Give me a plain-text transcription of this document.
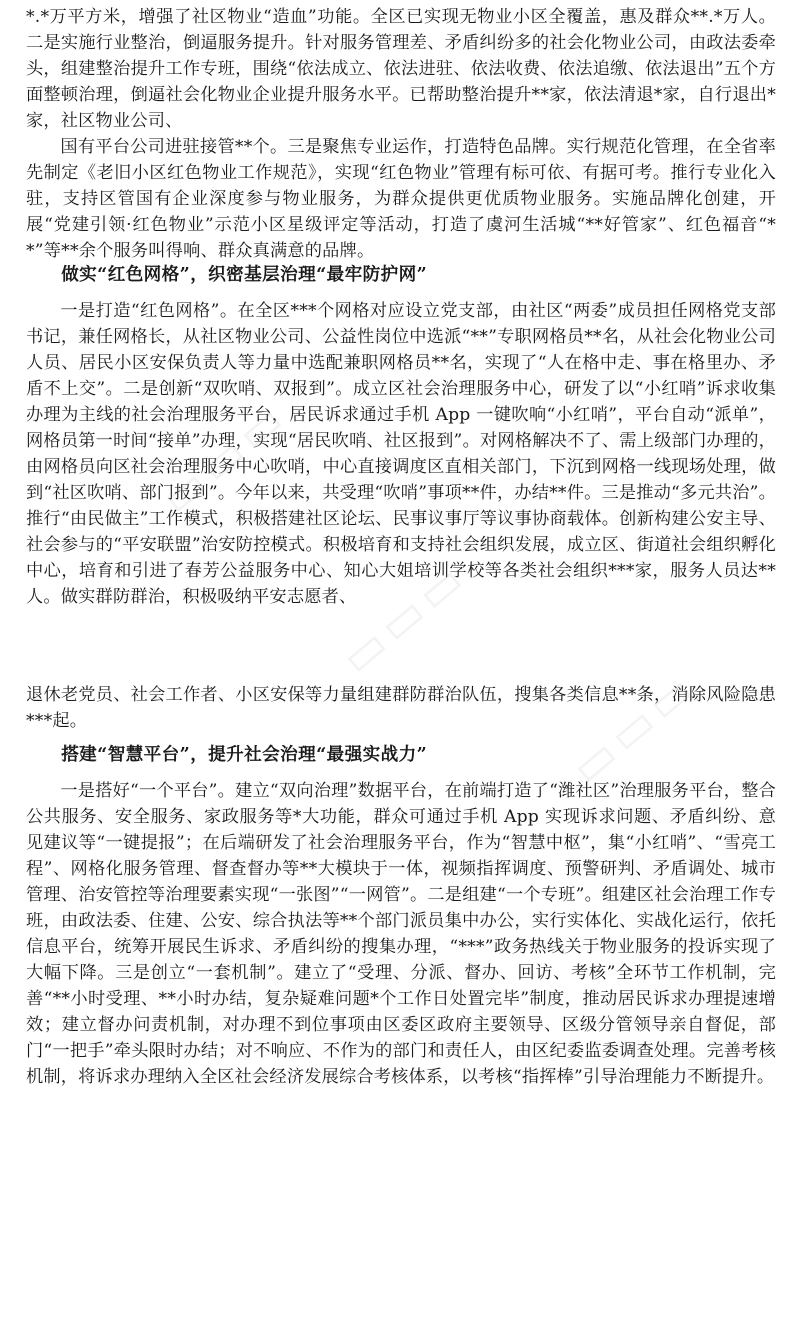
*.*万平方米，增强了社区物业“造血”功能。全区已实现无物业小区全覆盖，惠及群众**.*万人。二是实施行业整治，倒逼服务提升。针对服务管理差、矛盾纠纷多的社会化物业公司，由政法委牵头，组建整治提升工作专班，围绕“依法成立、依法进驻、依法收费、依法追缴、依法退出”五个方面整顿治理，倒逼社会化物业企业提升服务水平。已帮助整治提升**家，依法清退*家，自行退出*家，社区物业公司、

国有平台公司进驻接管**个。三是聚焦专业运作，打造特色品牌。实行规范化管理，在全省率先制定《老旧小区红色物业工作规范》，实现“红色物业”管理有标可依、有据可考。推行专业化入驻，支持区管国有企业深度参与物业服务，为群众提供更优质物业服务。实施品牌化创建，开展“党建引领·红色物业”示范小区星级评定等活动，打造了虞河生活城“**好管家”、红色福音“**”等**余个服务叫得响、群众真满意的品牌。

做实“红色网格”，织密基层治理“最牢防护网”

一是打造“红色网格”。在全区***个网格对应设立党支部，由社区“两委”成员担任网格党支部书记，兼任网格长，从社区物业公司、公益性岗位中选派“**”专职网格员**名，从社会化物业公司人员、居民小区安保负责人等力量中选配兼职网格员**名，实现了“人在格中走、事在格里办、矛盾不上交”。二是创新“双吹哨、双报到”。成立区社会治理服务中心，研发了以“小红哨”诉求收集办理为主线的社会治理服务平台，居民诉求通过手机 App 一键吹响“小红哨”，平台自动“派单”，网格员第一时间“接单”办理，实现“居民吹哨、社区报到”。对网格解决不了、需上级部门办理的，由网格员向区社会治理服务中心吹哨，中心直接调度区直相关部门，下沉到网格一线现场处理，做到“社区吹哨、部门报到”。今年以来，共受理“吹哨”事项**件，办结**件。三是推动“多元共治”。推行“由民做主”工作模式，积极搭建社区论坛、民事议事厅等议事协商载体。创新构建公安主导、社会参与的“平安联盟”治安防控模式。积极培育和支持社会组织发展，成立区、街道社会组织孵化中心，培育和引进了春芳公益服务中心、知心大姐培训学校等各类社会组织***家，服务人员达**人。做实群防群治，积极吸纳平安志愿者、

退休老党员、社会工作者、小区安保等力量组建群防群治队伍，搜集各类信息**条，消除风险隐患***起。

搭建“智慧平台”，提升社会治理“最强实战力”

一是搭好“一个平台”。建立“双向治理”数据平台，在前端打造了“潍社区”治理服务平台，整合公共服务、安全服务、家政服务等*大功能，群众可通过手机 App 实现诉求问题、矛盾纠纷、意见建议等“一键提报”；在后端研发了社会治理服务平台，作为“智慧中枢”，集“小红哨”、“雪亮工程”、网格化服务管理、督查督办等**大模块于一体，视频指挥调度、预警研判、矛盾调处、城市管理、治安管控等治理要素实现“一张图”“一网管”。二是组建“一个专班”。组建区社会治理工作专班，由政法委、住建、公安、综合执法等**个部门派员集中办公，实行实体化、实战化运行，依托信息平台，统筹开展民生诉求、矛盾纠纷的搜集办理，“***”政务热线关于物业服务的投诉实现了大幅下降。三是创立“一套机制”。建立了“受理、分派、督办、回访、考核”全环节工作机制，完善“**小时受理、**小时办结，复杂疑难问题*个工作日处置完毕”制度，推动居民诉求办理提速增效；建立督办问责机制，对办理不到位事项由区委区政府主要领导、区级分管领导亲自督促，部门“一把手”牵头限时办结；对不响应、不作为的部门和责任人，由区纪委监委调查处理。完善考核机制，将诉求办理纳入全区社会经济发展综合考核体系，以考核“指挥棒”引导治理能力不断提升。

▭▭▭
▭▭▭
▭▭▭
